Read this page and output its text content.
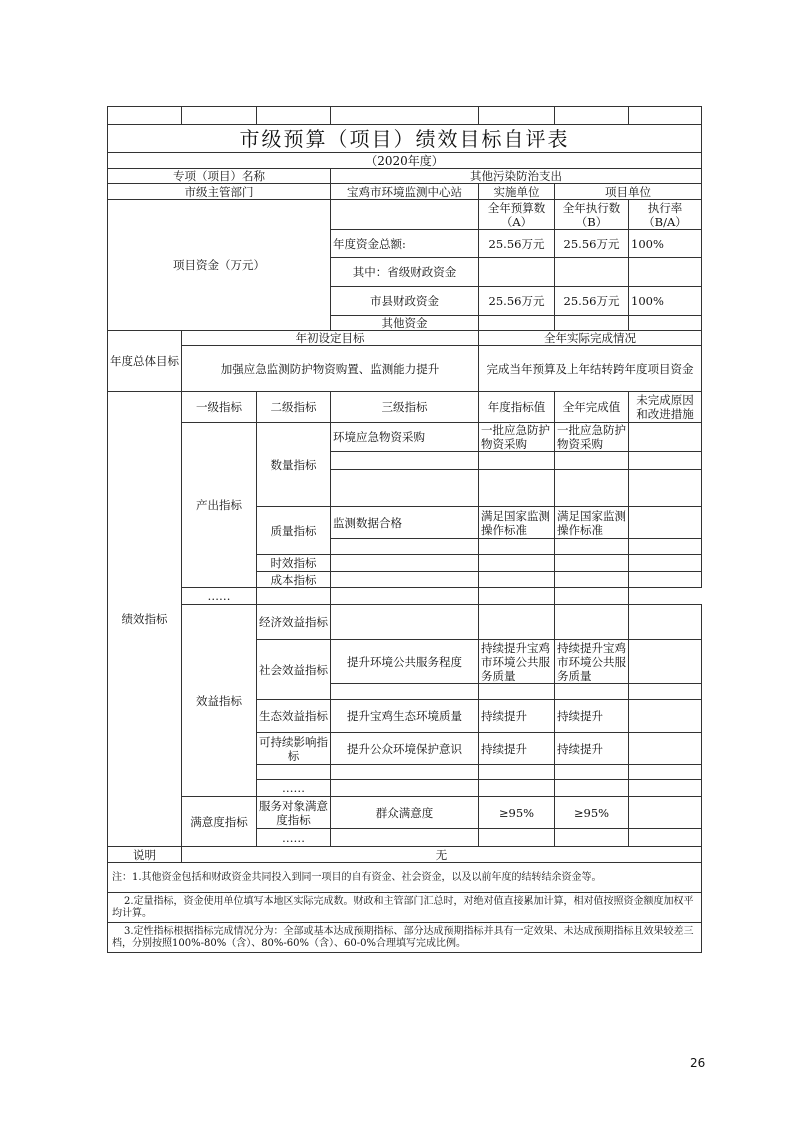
市级预算（项目）绩效目标自评表						
（2020年度）						
专项（项目）名称			其他污染防治支出			
市级主管部门			宝鸡市环境监测中心站	实施单位	项目单位	
项目资金（万元）				全年预算数（A）	全年执行数（B）	执行率（B/A）
			年度资金总额:	25.56万元	25.56万元	100%
			其中：省级财政资金			
			市县财政资金	25.56万元	25.56万元	100%
			其他资金			
年度总体目标	年初设定目标			全年实际完成情况		
	加强应急监测防护物资购置、监测能力提升			完成当年预算及上年结转跨年度项目资金		
绩效指标	一级指标	二级指标	三级指标	年度指标值	全年完成值	未完成原因和改进措施
	产出指标	数量指标	环境应急物资采购	一批应急防护物资采购	一批应急防护物资采购	

		质量指标	监测数据合格	满足国家监测操作标准	满足国家监测操作标准	

		时效指标				
		成本指标				
	……					
	效益指标	经济效益指标				
		社会效益指标	提升环境公共服务程度	持续提升宝鸡市环境公共服务质量	持续提升宝鸡市环境公共服务质量	

		生态效益指标	提升宝鸡生态环境质量	持续提升	持续提升	
		可持续影响指标	提升公众环境保护意识	持续提升	持续提升	

		……				
	满意度指标	服务对象满意度指标	群众满意度	≥95%	≥95%	
		……				
说明	无					
注：1.其他资金包括和财政资金共同投入到同一项目的自有资金、社会资金，以及以前年度的结转结余资金等。						
2.定量指标，资金使用单位填写本地区实际完成数。财政和主管部门汇总时，对绝对值直接累加计算，相对值按照资金额度加权平均计算。						
3.定性指标根据指标完成情况分为：全部或基本达成预期指标、部分达成预期指标并具有一定效果、未达成预期指标且效果较差三档，分别按照100%-80%（含）、80%-60%（含）、60-0%合理填写完成比例。						
26
